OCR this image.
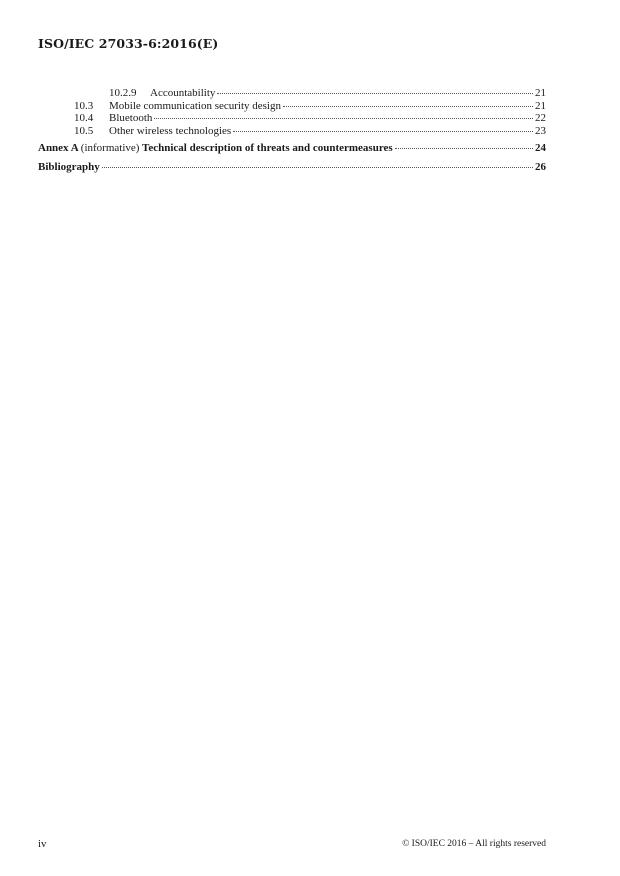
ISO/IEC 27033-6:2016(E)
10.2.9	Accountability	21
10.3	Mobile communication security design	21
10.4	Bluetooth	22
10.5	Other wireless technologies	23
Annex A (informative) Technical description of threats and countermeasures	24
Bibliography	26
iv	© ISO/IEC 2016 – All rights reserved
